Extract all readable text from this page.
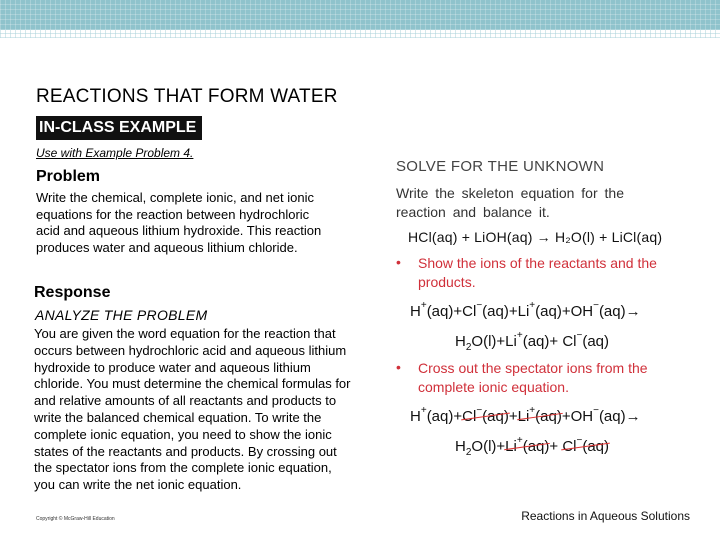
REACTIONS THAT FORM WATER
IN-CLASS EXAMPLE
Use with Example Problem 4.
Problem
Write the chemical, complete ionic, and net ionic equations for the reaction between hydrochloric acid and aqueous lithium hydroxide. This reaction produces water and aqueous lithium chloride.
Response
ANALYZE THE PROBLEM
You are given the word equation for the reaction that occurs between hydrochloric acid and aqueous lithium hydroxide to produce water and aqueous lithium chloride. You must determine the chemical formulas for and relative amounts of all reactants and products to write the balanced chemical equation. To write the complete ionic equation, you need to show the ionic states of the reactants and products. By crossing out the spectator ions from the complete ionic equation, you can write the net ionic equation.
SOLVE FOR THE UNKNOWN
Write the skeleton equation for the reaction and balance it.
HCl(aq) + LiOH(aq) → H₂O(l) + LiCl(aq)
• Show the ions of the reactants and the products.
H+(aq)+Cl−(aq)+Li+(aq)+OH−(aq)→
$H_2O(l)+Li^+(aq)+ Cl^-(aq)$
• Cross out the spectator ions from the complete ionic equation.
H+(aq)+Cl−(aq)+Li+(aq)+OH−(aq)→
$H_2O(l)+Li^+(aq)+ Cl^-(aq)$
Copyright © McGraw-Hill Education	Reactions in Aqueous Solutions
